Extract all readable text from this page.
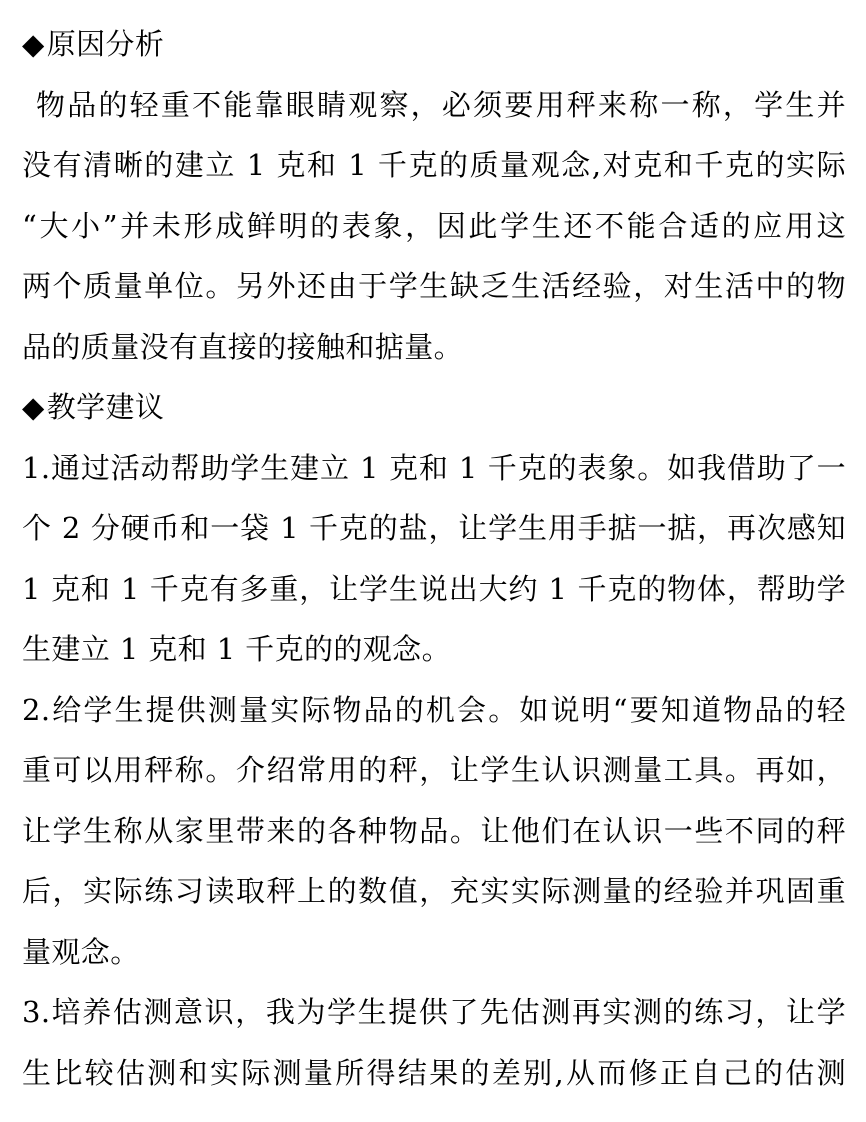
◆原因分析
物品的轻重不能靠眼睛观察，必须要用秤来称一称，学生并
没有清晰的建立 1 克和 1 千克的质量观念,对克和千克的实际
“大小”并未形成鲜明的表象，因此学生还不能合适的应用这
两个质量单位。另外还由于学生缺乏生活经验，对生活中的物
品的质量没有直接的接触和掂量。
◆教学建议
1.通过活动帮助学生建立 1 克和 1 千克的表象。如我借助了一
个 2 分硬币和一袋 1 千克的盐，让学生用手掂一掂，再次感知
1 克和 1 千克有多重，让学生说出大约 1 千克的物体，帮助学
生建立 1 克和 1 千克的的观念。
2.给学生提供测量实际物品的机会。如说明“要知道物品的轻
重可以用秤称。介绍常用的秤，让学生认识测量工具。再如，
让学生称从家里带来的各种物品。让他们在认识一些不同的秤
后，实际练习读取秤上的数值，充实实际测量的经验并巩固重
量观念。
3.培养估测意识，我为学生提供了先估测再实测的练习，让学
生比较估测和实际测量所得结果的差别,从而修正自己的估测
